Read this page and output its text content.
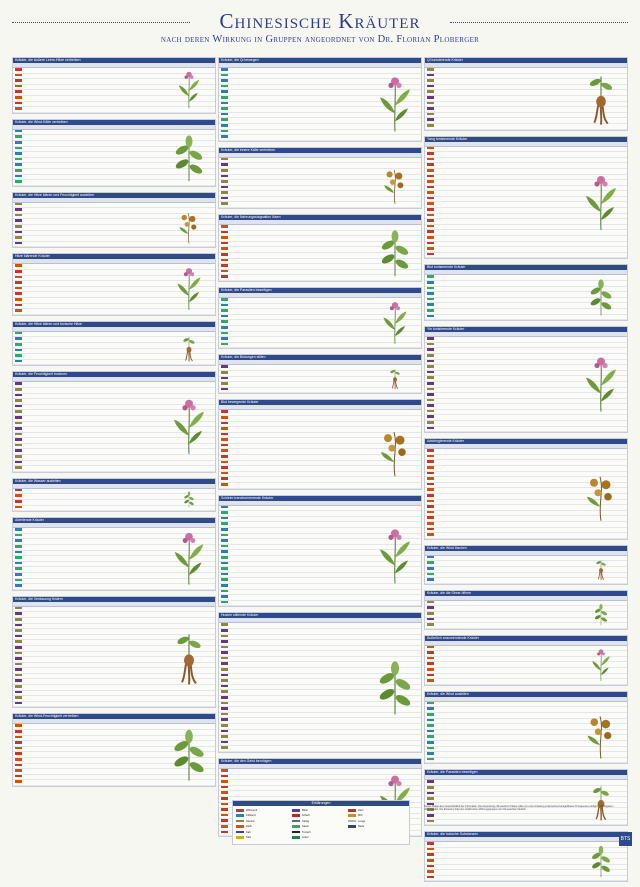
Chinesische Kräuter
nach deren Wirkung in Gruppen angeordnet von Dr. Florian Ploberger
Kräuter, die äußere Leere-Hitze vertreiben
Kräuter, die Wind-Kälte vertreiben
Kräuter, die Hitze klären und Feuchtigkeit ausleiten
Hitze klärende Kräuter
Kräuter, die Hitze klären und toxische Hitze
Kräuter, die Feuchtigkeit trocknen
Kräuter, die Wasser ausleiten
Ableitende Kräuter
Kräuter, die Verdauung fördern
Kräuter, die Wind-Feuchtigkeit vertreiben
Kräuter, die Qi bewegen
Kräuter, die innere Kälte vertreiben
Kräuter, die Nahrungsstagnation lösen
Kräuter, die Parasiten beseitigen
Kräuter, die Blutungen stillen
Blut bewegende Kräuter
Schleim transformierende Kräuter
Husten stillende Kräuter
Kräuter, die den Geist beruhigen
Qi tonisierende Kräuter
Yang tonisierende Kräuter
Blut tonisierende Kräuter
Yin tonisierende Kräuter
Adstringierende Kräuter
Kräuter, die Wind löschen
Kräuter, die die Sinne öffnen
Äußerlich anzuwendende Kräuter
Kräuter, die Wind ausleiten
Kräuter, die Parasiten beseitigen
Kräuter, die toxische Substanzen
Erklärungen
Wärmend
Kühlend
Neutral
Heiß
Kalt
Süß
Bitter
Scharf
Salzig
Sauer
Toxisch
Leber
Herz
Milz
Lunge
Niere
Dieses Plakat dient ausschließlich der Information. Die Anwendung chinesischer Kräuter sollte nur unter Anleitung entsprechend ausgebildeter Therapeuten erfolgen. Alle Angaben ohne Gewähr. Die Einteilung folgt den traditionellen Wirkungsgruppen der Chinesischen Medizin.
BTS
